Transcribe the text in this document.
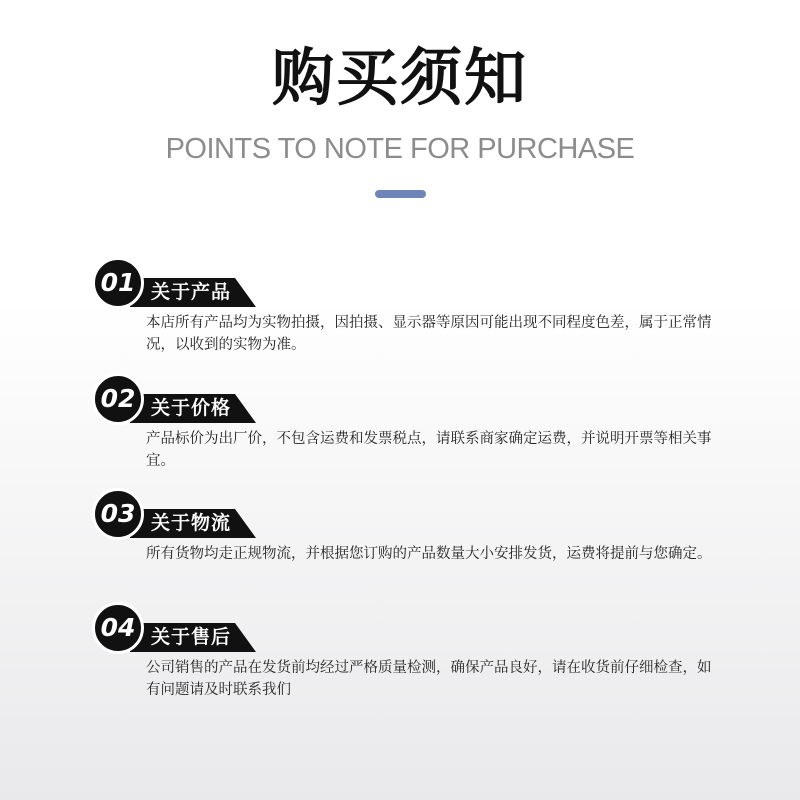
购买须知
POINTS TO NOTE FOR PURCHASE
关于产品
01
本店所有产品均为实物拍摄，因拍摄、显示器等原因可能出现不同程度色差，属于正常情况，以收到的实物为准。
关于价格
02
产品标价为出厂价，不包含运费和发票税点，请联系商家确定运费，并说明开票等相关事宜。
关于物流
03
所有货物均走正规物流，并根据您订购的产品数量大小安排发货，运费将提前与您确定。
关于售后
04
公司销售的产品在发货前均经过严格质量检测，确保产品良好，请在收货前仔细检查，如有问题请及时联系我们
